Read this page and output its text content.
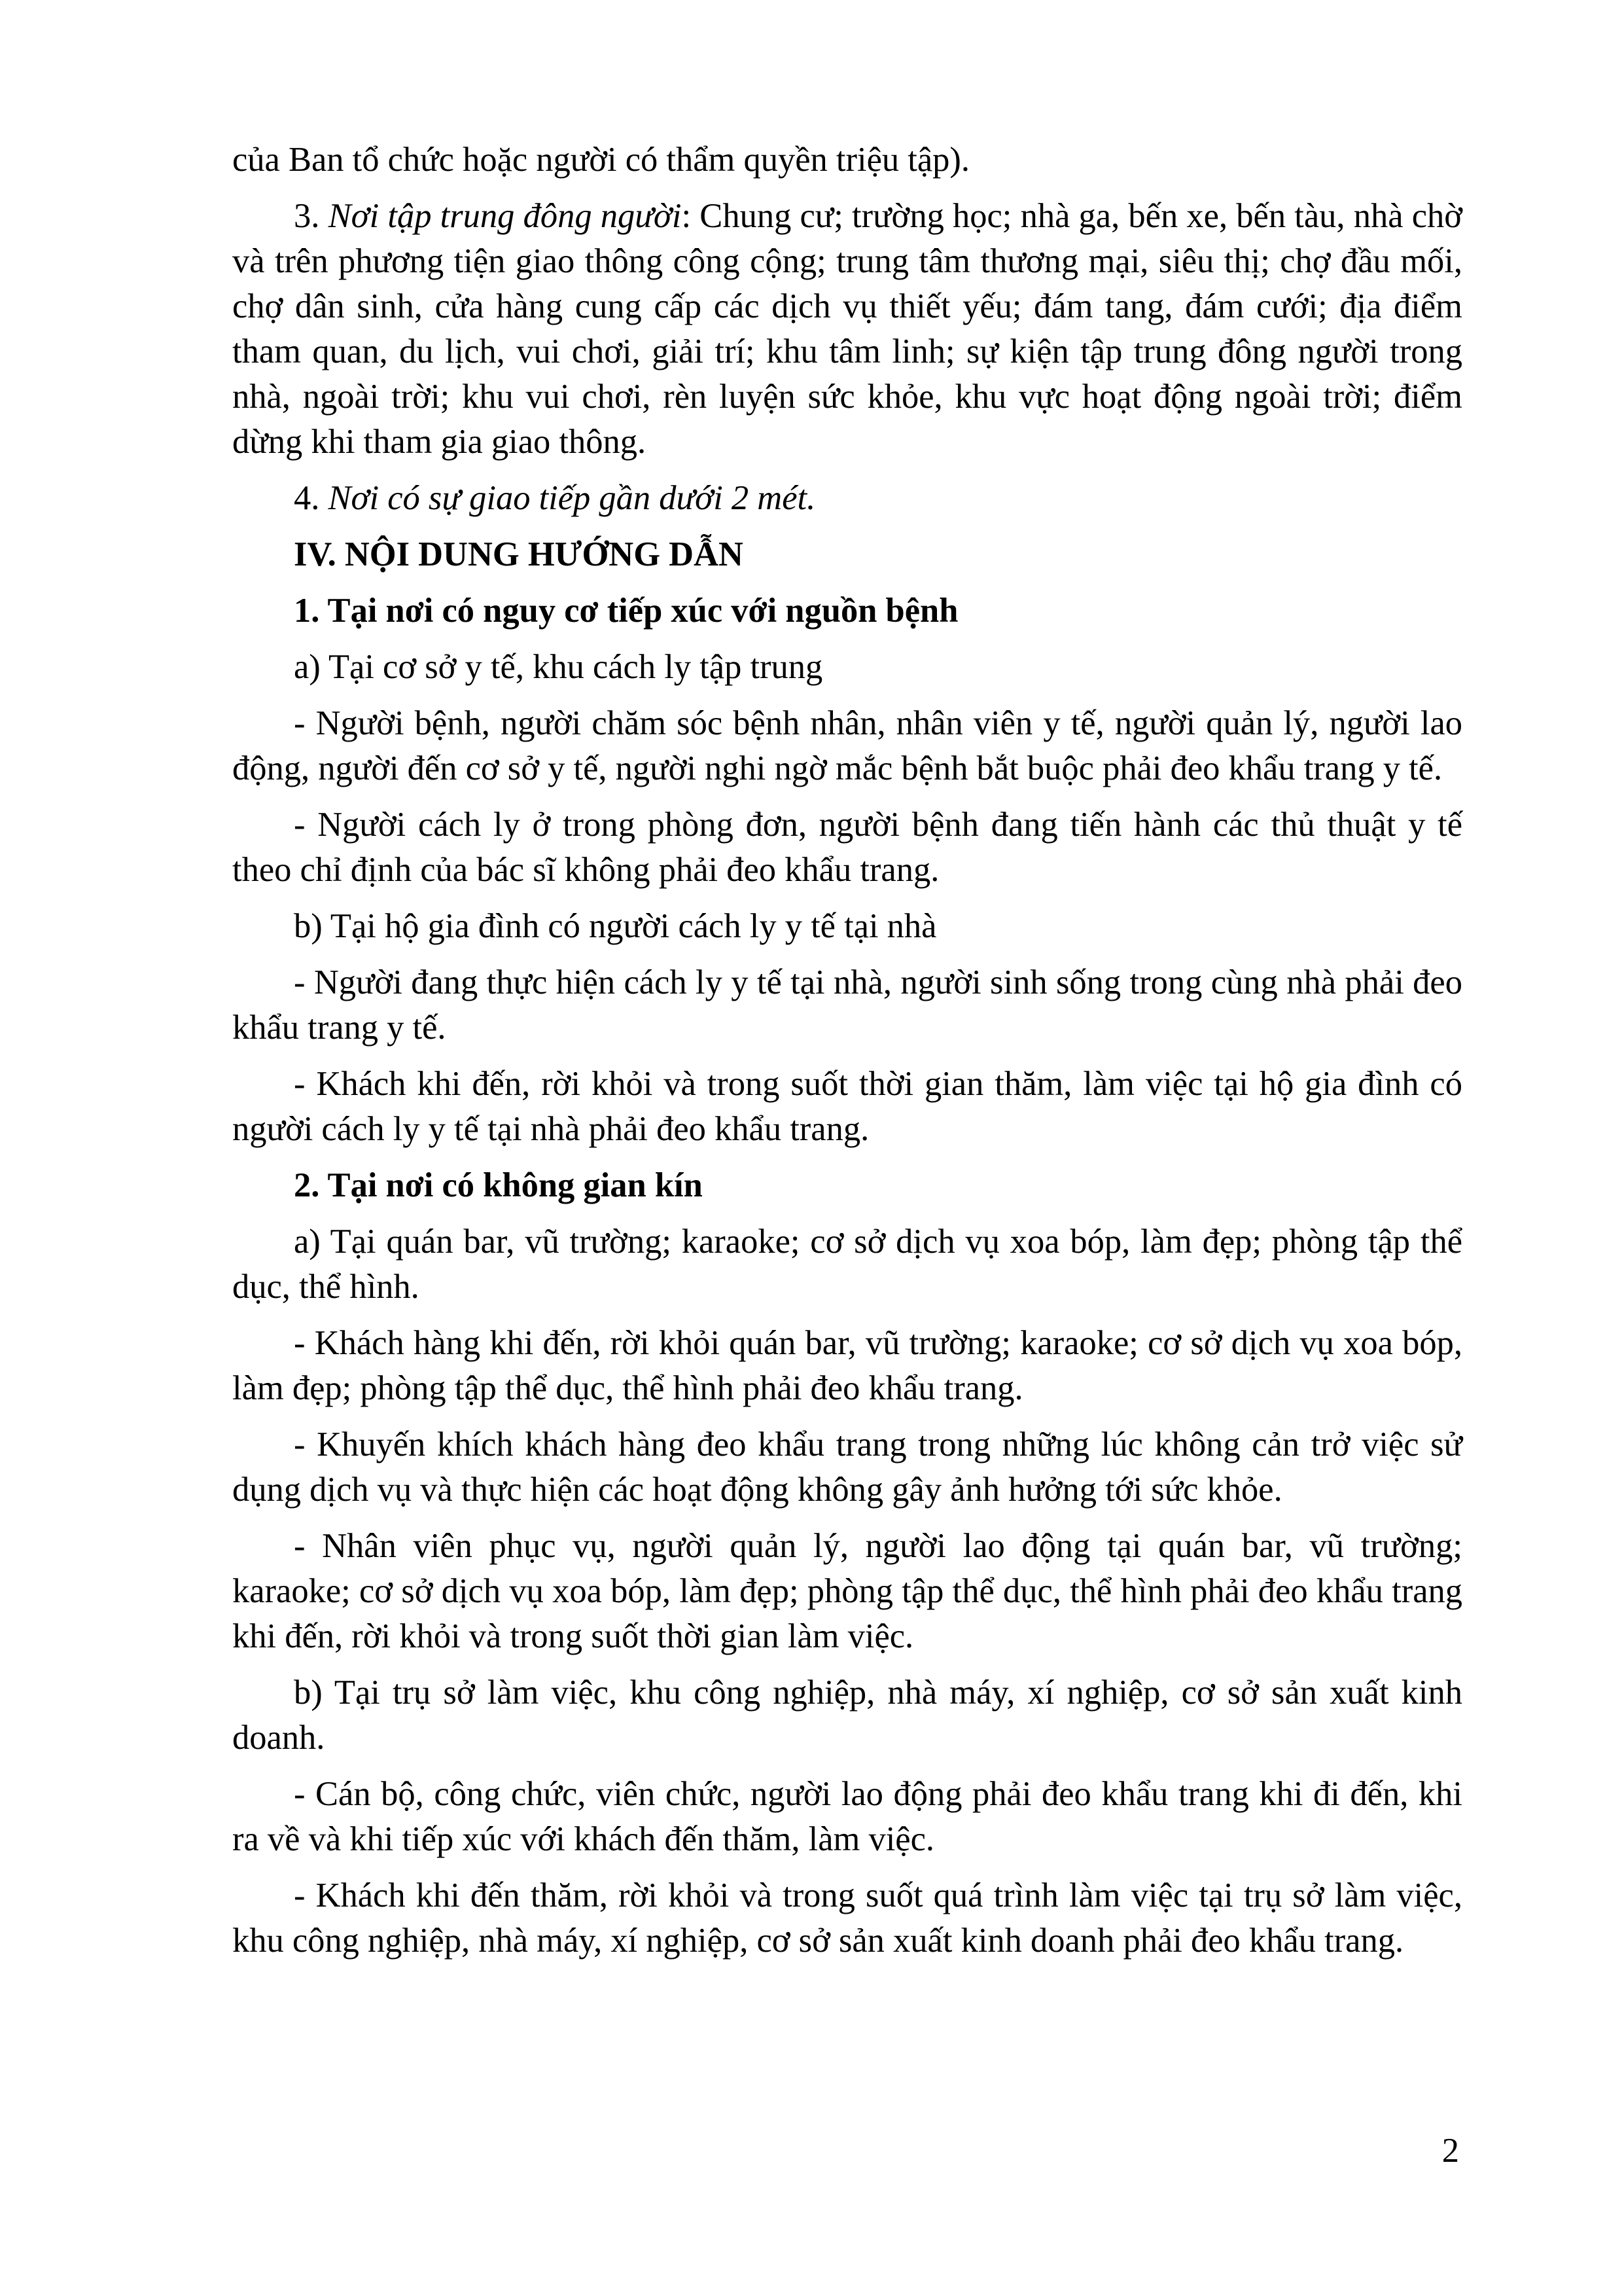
của Ban tổ chức hoặc người có thẩm quyền triệu tập).

3. Nơi tập trung đông người: Chung cư; trường học; nhà ga, bến xe, bến tàu, nhà chờ và trên phương tiện giao thông công cộng; trung tâm thương mại, siêu thị; chợ đầu mối, chợ dân sinh, cửa hàng cung cấp các dịch vụ thiết yếu; đám tang, đám cưới; địa điểm tham quan, du lịch, vui chơi, giải trí; khu tâm linh; sự kiện tập trung đông người trong nhà, ngoài trời; khu vui chơi, rèn luyện sức khỏe, khu vực hoạt động ngoài trời; điểm dừng khi tham gia giao thông.

4. Nơi có sự giao tiếp gần dưới 2 mét.

IV. NỘI DUNG HƯỚNG DẪN

1. Tại nơi có nguy cơ tiếp xúc với nguồn bệnh

a) Tại cơ sở y tế, khu cách ly tập trung

- Người bệnh, người chăm sóc bệnh nhân, nhân viên y tế, người quản lý, người lao động, người đến cơ sở y tế, người nghi ngờ mắc bệnh bắt buộc phải đeo khẩu trang y tế.

- Người cách ly ở trong phòng đơn, người bệnh đang tiến hành các thủ thuật y tế theo chỉ định của bác sĩ không phải đeo khẩu trang.

b) Tại hộ gia đình có người cách ly y tế tại nhà

- Người đang thực hiện cách ly y tế tại nhà, người sinh sống trong cùng nhà phải đeo khẩu trang y tế.

- Khách khi đến, rời khỏi và trong suốt thời gian thăm, làm việc tại hộ gia đình có người cách ly y tế tại nhà phải đeo khẩu trang.

2. Tại nơi có không gian kín

a) Tại quán bar, vũ trường; karaoke; cơ sở dịch vụ xoa bóp, làm đẹp; phòng tập thể dục, thể hình.

- Khách hàng khi đến, rời khỏi quán bar, vũ trường; karaoke; cơ sở dịch vụ xoa bóp, làm đẹp; phòng tập thể dục, thể hình phải đeo khẩu trang.

- Khuyến khích khách hàng đeo khẩu trang trong những lúc không cản trở việc sử dụng dịch vụ và thực hiện các hoạt động không gây ảnh hưởng tới sức khỏe.

- Nhân viên phục vụ, người quản lý, người lao động tại quán bar, vũ trường; karaoke; cơ sở dịch vụ xoa bóp, làm đẹp; phòng tập thể dục, thể hình phải đeo khẩu trang khi đến, rời khỏi và trong suốt thời gian làm việc.

b) Tại trụ sở làm việc, khu công nghiệp, nhà máy, xí nghiệp, cơ sở sản xuất kinh doanh.

- Cán bộ, công chức, viên chức, người lao động phải đeo khẩu trang khi đi đến, khi ra về và khi tiếp xúc với khách đến thăm, làm việc.

- Khách khi đến thăm, rời khỏi và trong suốt quá trình làm việc tại trụ sở làm việc, khu công nghiệp, nhà máy, xí nghiệp, cơ sở sản xuất kinh doanh phải đeo khẩu trang.

2
